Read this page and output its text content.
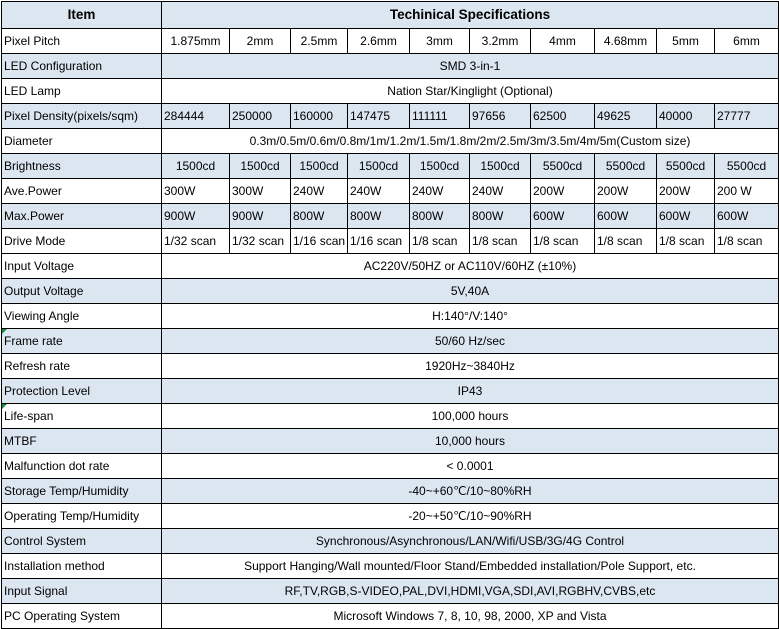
Item	Techinical Specifications									
Pixel Pitch	1.875mm	2mm	2.5mm	2.6mm	3mm	3.2mm	4mm	4.68mm	5mm	6mm
LED Configuration	SMD 3-in-1									
LED Lamp	Nation Star/Kinglight (Optional)									
Pixel Density(pixels/sqm)	284444	250000	160000	147475	111111	97656	62500	49625	40000	27777
Diameter	0.3m/0.5m/0.6m/0.8m/1m/1.2m/1.5m/1.8m/2m/2.5m/3m/3.5m/4m/5m(Custom size)									
Brightness	1500cd	1500cd	1500cd	1500cd	1500cd	1500cd	5500cd	5500cd	5500cd	5500cd
Ave.Power	300W	300W	240W	240W	240W	240W	200W	200W	200W	200 W
Max.Power	900W	900W	800W	800W	800W	800W	600W	600W	600W	600W
Drive Mode	1/32 scan	1/32 scan	1/16 scan	1/16 scan	1/8 scan	1/8 scan	1/8 scan	1/8 scan	1/8 scan	1/8 scan
Input Voltage	AC220V/50HZ or AC110V/60HZ (±10%)									
Output Voltage	5V,40A									
Viewing Angle	H:140°/V:140°									
Frame rate	50/60 Hz/sec									
Refresh rate	1920Hz~3840Hz									
Protection Level	IP43									
Life-span	100,000 hours									
MTBF	10,000 hours									
Malfunction dot rate	< 0.0001									
Storage Temp/Humidity	-40~+60℃/10~80%RH									
Operating Temp/Humidity	-20~+50℃/10~90%RH									
Control System	Synchronous/Asynchronous/LAN/Wifi/USB/3G/4G Control									
Installation method	Support Hanging/Wall mounted/Floor Stand/Embedded installation/Pole Support, etc.									
Input Signal	RF,TV,RGB,S-VIDEO,PAL,DVI,HDMI,VGA,SDI,AVI,RGBHV,CVBS,etc									
PC Operating System	Microsoft Windows 7, 8, 10, 98, 2000, XP and Vista									
